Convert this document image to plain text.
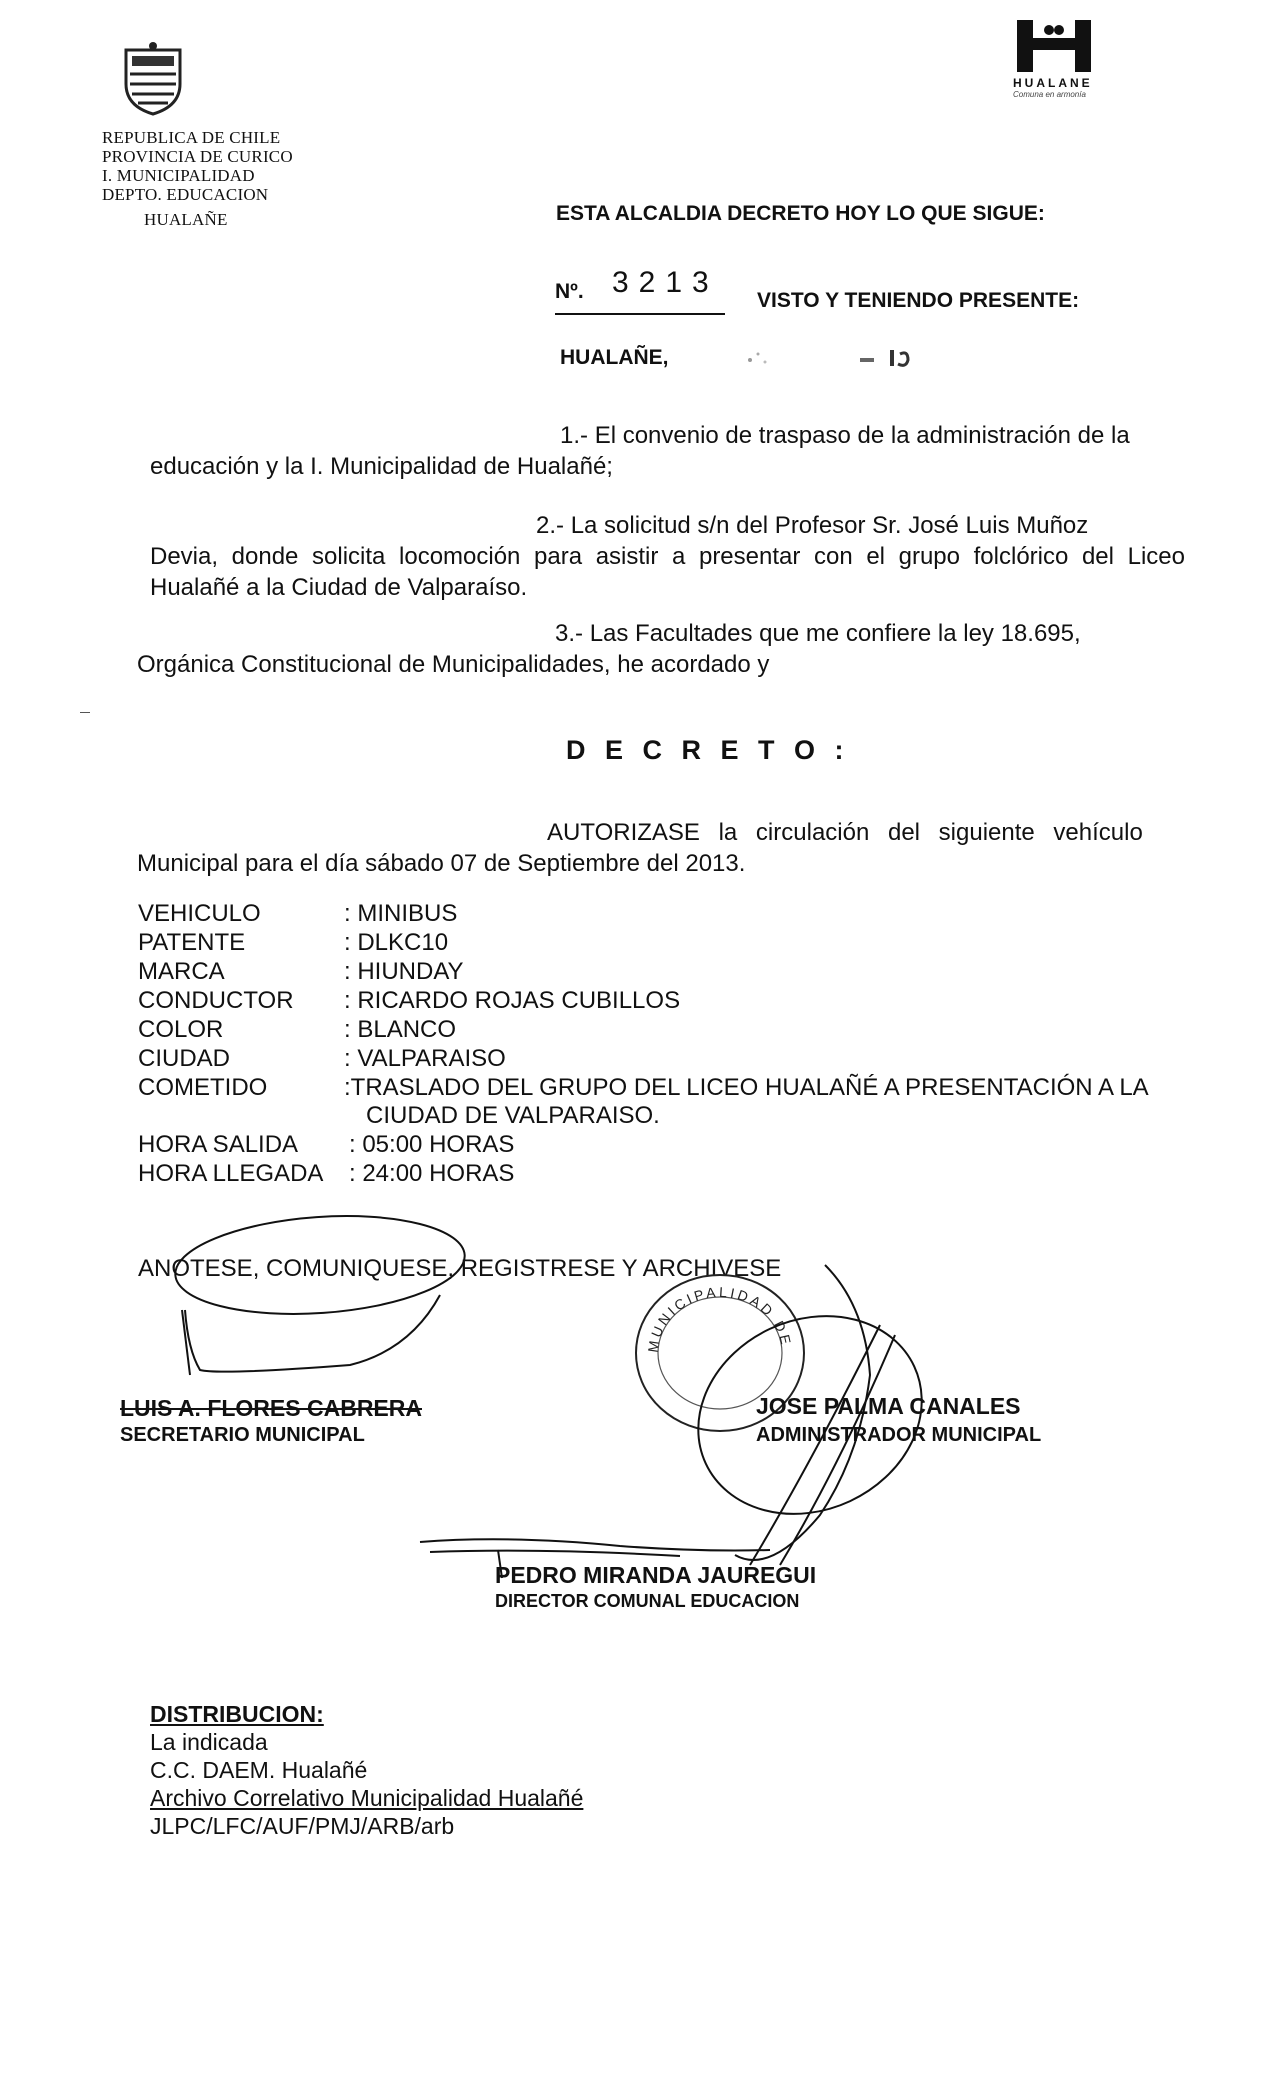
REPUBLICA DE CHILE
PROVINCIA DE CURICO
I. MUNICIPALIDAD
DEPTO. EDUCACION
HUALAÑE
HUALANE
Comuna en armonía
ESTA ALCALDIA DECRETO HOY LO QUE SIGUE:
Nº. 3213
VISTO Y TENIENDO PRESENTE:
HUALAÑE,
1.- El convenio de traspaso de la administración de la
educación y la I. Municipalidad de Hualañé;
2.- La solicitud s/n del Profesor Sr. José Luis Muñoz
Devia, donde solicita locomoción para asistir a presentar con el grupo folclórico del Liceo Hualañé a la Ciudad de Valparaíso.
3.- Las Facultades que me confiere la ley 18.695,
Orgánica Constitucional de Municipalidades, he acordado y
D E C R E T O :
AUTORIZASE la circulación del siguiente vehículo
Municipal para el día sábado 07 de Septiembre del 2013.
VEHICULO	: MINIBUS
PATENTE	: DLKC10
MARCA	: HIUNDAY
CONDUCTOR : RICARDO ROJAS CUBILLOS
COLOR	: BLANCO
CIUDAD	: VALPARAISO
COMETIDO	:TRASLADO DEL GRUPO DEL LICEO HUALAÑÉ A PRESENTACIÓN A LA
CIUDAD DE VALPARAISO.
HORA SALIDA : 05:00 HORAS
HORA LLEGADA : 24:00 HORAS
ANOTESE, COMUNIQUESE, REGISTRESE Y ARCHIVESE
MUNICIPALIDAD DE
LUIS A. FLORES CABRERA
SECRETARIO MUNICIPAL
JOSE PALMA CANALES
ADMINISTRADOR MUNICIPAL
PEDRO MIRANDA JAUREGUI
DIRECTOR COMUNAL EDUCACION
DISTRIBUCION:
La indicada
C.C. DAEM. Hualañé
Archivo Correlativo Municipalidad Hualañé
JLPC/LFC/AUF/PMJ/ARB/arb
